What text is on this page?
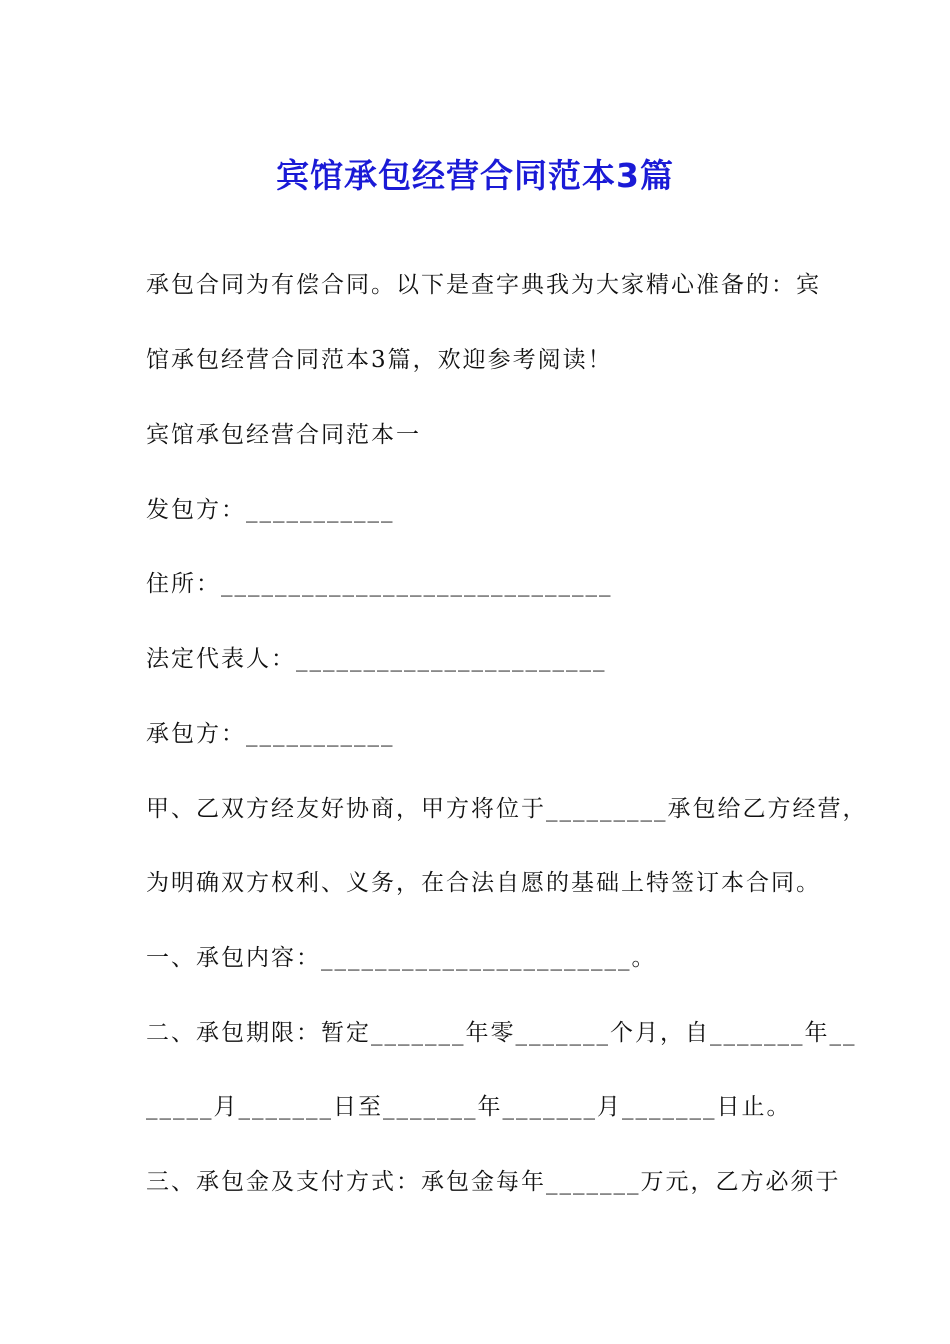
宾馆承包经营合同范本3篇

承包合同为有偿合同。以下是查字典我为大家精心准备的：宾

馆承包经营合同范本3篇，欢迎参考阅读！

宾馆承包经营合同范本一

发包方：___________

住所：_____________________________

法定代表人：_______________________

承包方：___________

甲、乙双方经友好协商，甲方将位于_________承包给乙方经营，

为明确双方权利、义务，在合法自愿的基础上特签订本合同。

一、承包内容：_______________________。

二、承包期限：暂定_______年零_______个月，自_______年__

_____月_______日至_______年_______月_______日止。

三、承包金及支付方式：承包金每年_______万元，乙方必须于
